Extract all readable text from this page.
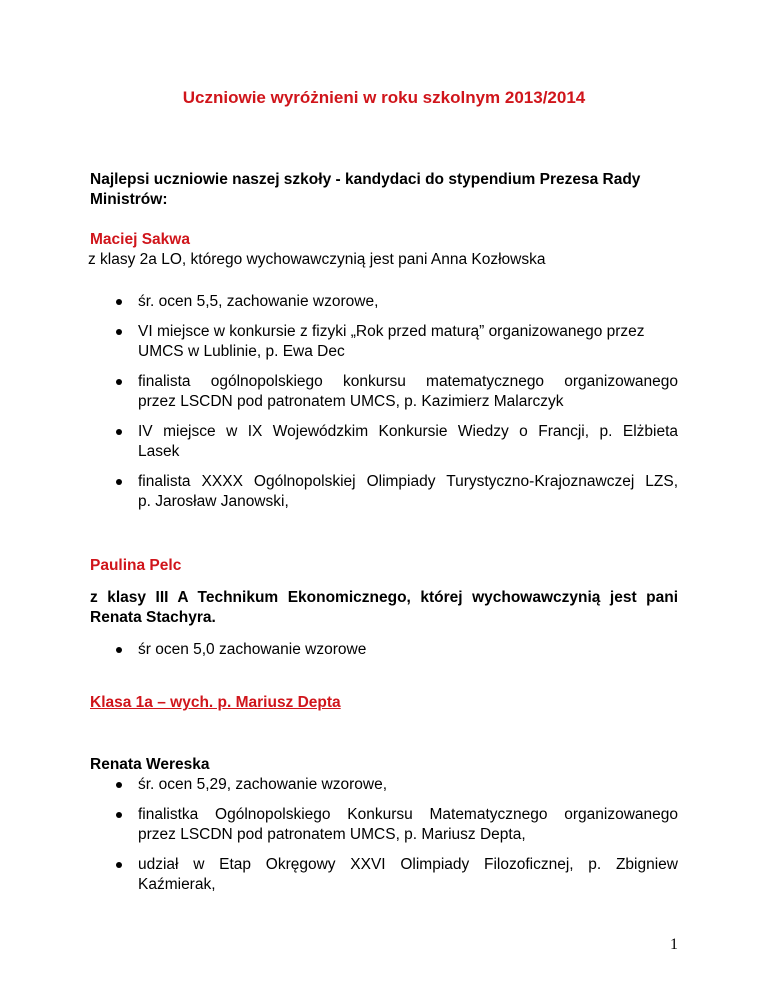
Uczniowie wyróżnieni w roku szkolnym 2013/2014
Najlepsi uczniowie naszej szkoły - kandydaci do stypendium Prezesa Rady
Ministrów:
Maciej Sakwa
z klasy 2a LO, którego wychowawczynią jest pani Anna Kozłowska
śr. ocen 5,5, zachowanie wzorowe,
VI miejsce w konkursie z fizyki „Rok przed maturą” organizowanego przez
UMCS w Lublinie, p. Ewa Dec
finalista ogólnopolskiego konkursu matematycznego organizowanego
przez LSCDN pod patronatem UMCS, p. Kazimierz Malarczyk
IV miejsce w IX Wojewódzkim Konkursie Wiedzy o Francji, p. Elżbieta
Lasek
finalista XXXX Ogólnopolskiej Olimpiady Turystyczno-Krajoznawczej LZS,
p. Jarosław Janowski,
Paulina Pelc
z klasy III A Technikum Ekonomicznego, której wychowawczynią jest pani
Renata Stachyra.
śr ocen 5,0 zachowanie wzorowe
Klasa 1a – wych. p. Mariusz Depta
Renata Wereska
śr. ocen 5,29, zachowanie wzorowe,
finalistka Ogólnopolskiego Konkursu Matematycznego organizowanego
przez LSCDN pod patronatem UMCS, p. Mariusz Depta,
udział w Etap Okręgowy XXVI Olimpiady Filozoficznej, p. Zbigniew
Kaźmierak,
1
